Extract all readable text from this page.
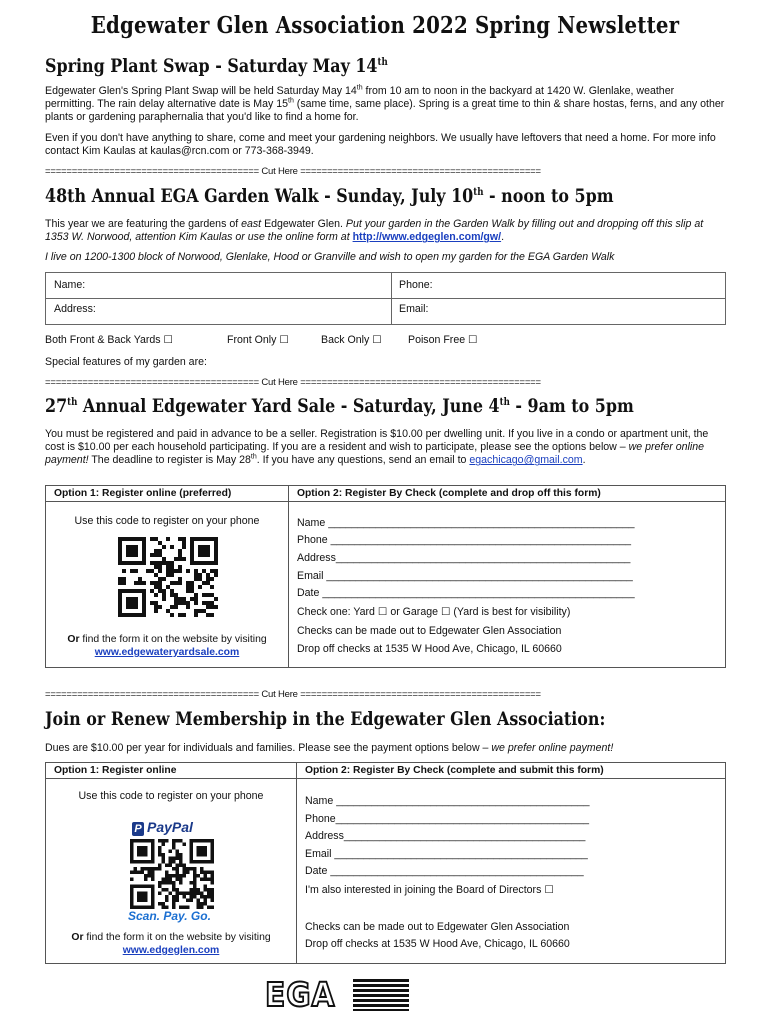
Edgewater Glen Association 2022 Spring Newsletter
Spring Plant Swap - Saturday May 14th
Edgewater Glen's Spring Plant Swap will be held Saturday May 14th from 10 am to noon in the backyard at 1420 W. Glenlake, weather permitting. The rain delay alternative date is May 15th (same time, same place). Spring is a great time to thin & share hostas, ferns, and any other plants or gardening paraphernalia that you'd like to find a home for.
Even if you don't have anything to share, come and meet your gardening neighbors. We usually have leftovers that need a home. For more info contact Kim Kaulas at kaulas@rcn.com or 773-368-3949.
======================================== Cut Here =============================================
48th Annual EGA Garden Walk - Sunday, July 10th - noon to 5pm
This year we are featuring the gardens of east Edgewater Glen. Put your garden in the Garden Walk by filling out and dropping off this slip at 1353 W. Norwood, attention Kim Kaulas or use the online form at http://www.edgeglen.com/gw/.
I live on 1200-1300 block of Norwood, Glenlake, Hood or Granville and wish to open my garden for the EGA Garden Walk
Name:	Phone:
Address:	Email:
Both Front & Back Yards ☐	Front Only ☐	Back Only ☐ Poison Free ☐
Special features of my garden are:
======================================== Cut Here =============================================
27th Annual Edgewater Yard Sale - Saturday, June 4th - 9am to 5pm
You must be registered and paid in advance to be a seller. Registration is $10.00 per dwelling unit. If you live in a condo or apartment unit, the cost is $10.00 per each household participating. If you are a resident and wish to participate, please see the options below – we prefer online payment! The deadline to register is May 28th. If you have any questions, send an email to egachicago@gmail.com.
Option 1: Register online (preferred)	Option 2: Register By Check (complete and drop off this form)
Use this code to register on your phone
Or find the form it on the website by visiting www.edgewateryardsale.com
Name ____________________________________________________
Phone ___________________________________________________
Address__________________________________________________
Email ____________________________________________________
Date _____________________________________________________
Check one: Yard ☐ or Garage ☐ (Yard is best for visibility)
Checks can be made out to Edgewater Glen Association
Drop off checks at 1535 W Hood Ave, Chicago, IL 60660
======================================== Cut Here =============================================
Join or Renew Membership in the Edgewater Glen Association:
Dues are $10.00 per year for individuals and families. Please see the payment options below – we prefer online payment!
Option 1: Register online	Option 2: Register By Check (complete and submit this form)
Use this code to register on your phone
P PayPal
Scan. Pay. Go.
Or find the form it on the website by visiting www.edgeglen.com
Name ___________________________________________
Phone___________________________________________
Address_________________________________________
Email ___________________________________________
Date ___________________________________________
I'm also interested in joining the Board of Directors ☐
Checks can be made out to Edgewater Glen Association
Drop off checks at 1535 W Hood Ave, Chicago, IL 60660
EGA
